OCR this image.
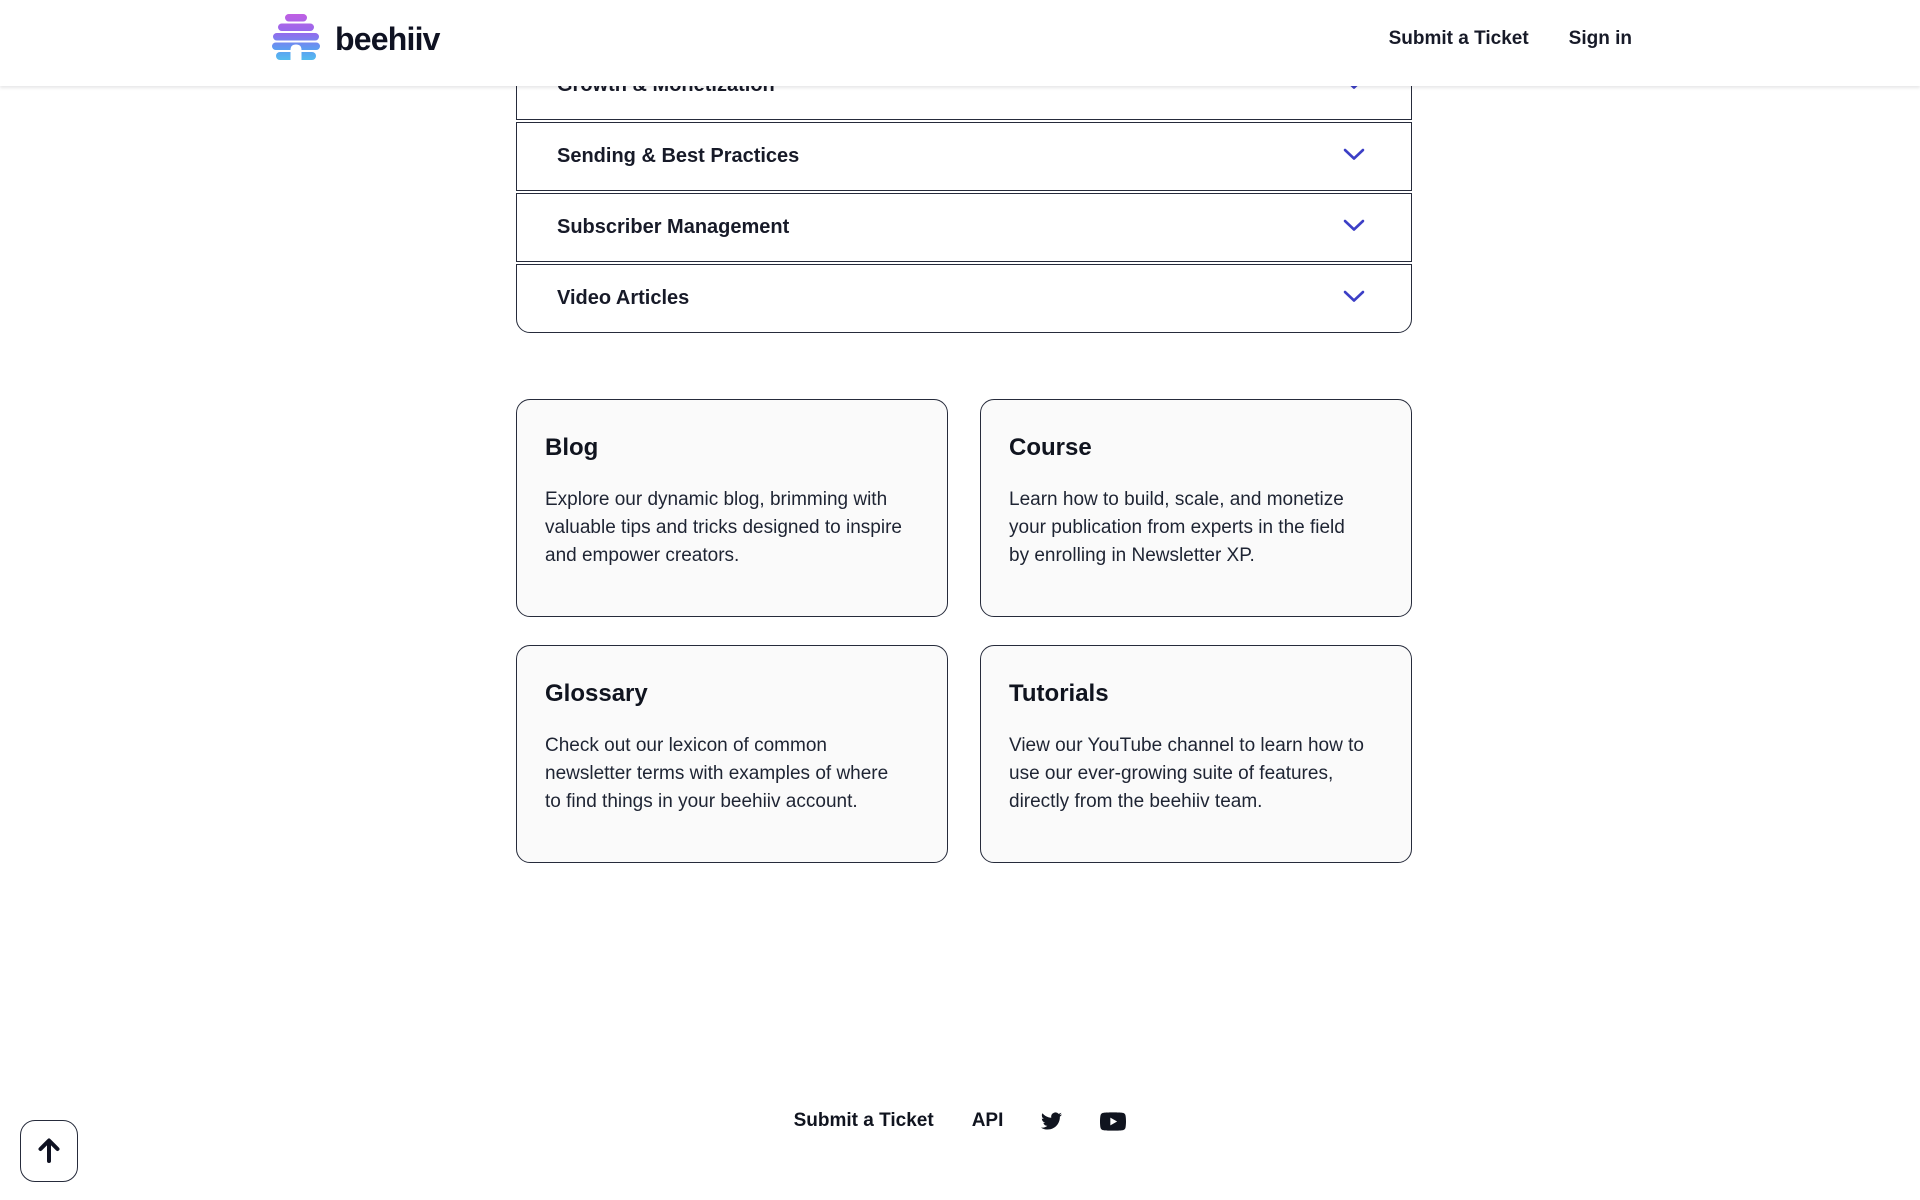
beehiiv	Submit a Ticket Sign in
Sending & Best Practices
Subscriber Management
Video Articles
Blog

Explore our dynamic blog, brimming with valuable tips and tricks designed to inspire and empower creators.

Course

Learn how to build, scale, and monetize your publication from experts in the field by enrolling in Newsletter XP.

Glossary

Check out our lexicon of common newsletter terms with examples of where to find things in your beehiiv account.

Tutorials

View our YouTube channel to learn how to use our ever-growing suite of features, directly from the beehiiv team.

Submit a Ticket API
